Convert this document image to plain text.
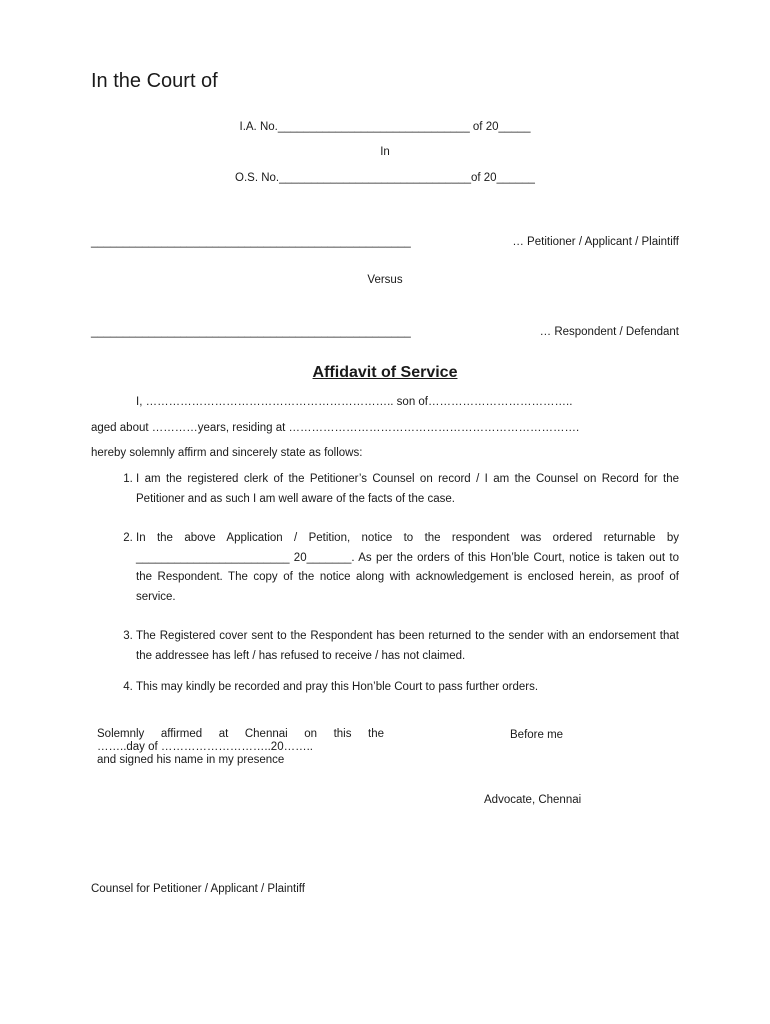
In the Court of
I.A. No.______________________________ of 20_____
In
O.S. No.______________________________of 20______
__________________________________________________	… Petitioner / Applicant / Plaintiff
Versus
__________________________________________________	… Respondent / Defendant
Affidavit of Service
I, ……………………………………………………….. son of………………………………..
aged about …………years, residing at ………………………………………………………………….
hereby solemnly affirm and sincerely state as follows:
1. I am the registered clerk of the Petitioner’s Counsel on record / I am the Counsel on Record for the Petitioner and as such I am well aware of the facts of the case.
2. In the above Application / Petition, notice to the respondent was ordered returnable by ________________________ 20_______. As per the orders of this Hon’ble Court, notice is taken out to the Respondent. The copy of the notice along with acknowledgement is enclosed herein, as proof of service.
3. The Registered cover sent to the Respondent has been returned to the sender with an endorsement that the addressee has left / has refused to receive / has not claimed.
4. This may kindly be recorded and pray this Hon’ble Court to pass further orders.
Solemnly affirmed at Chennai on this the
……..day of ………………………..20……..
and signed his name in my presence
Before me
Advocate, Chennai
Counsel for Petitioner / Applicant / Plaintiff
